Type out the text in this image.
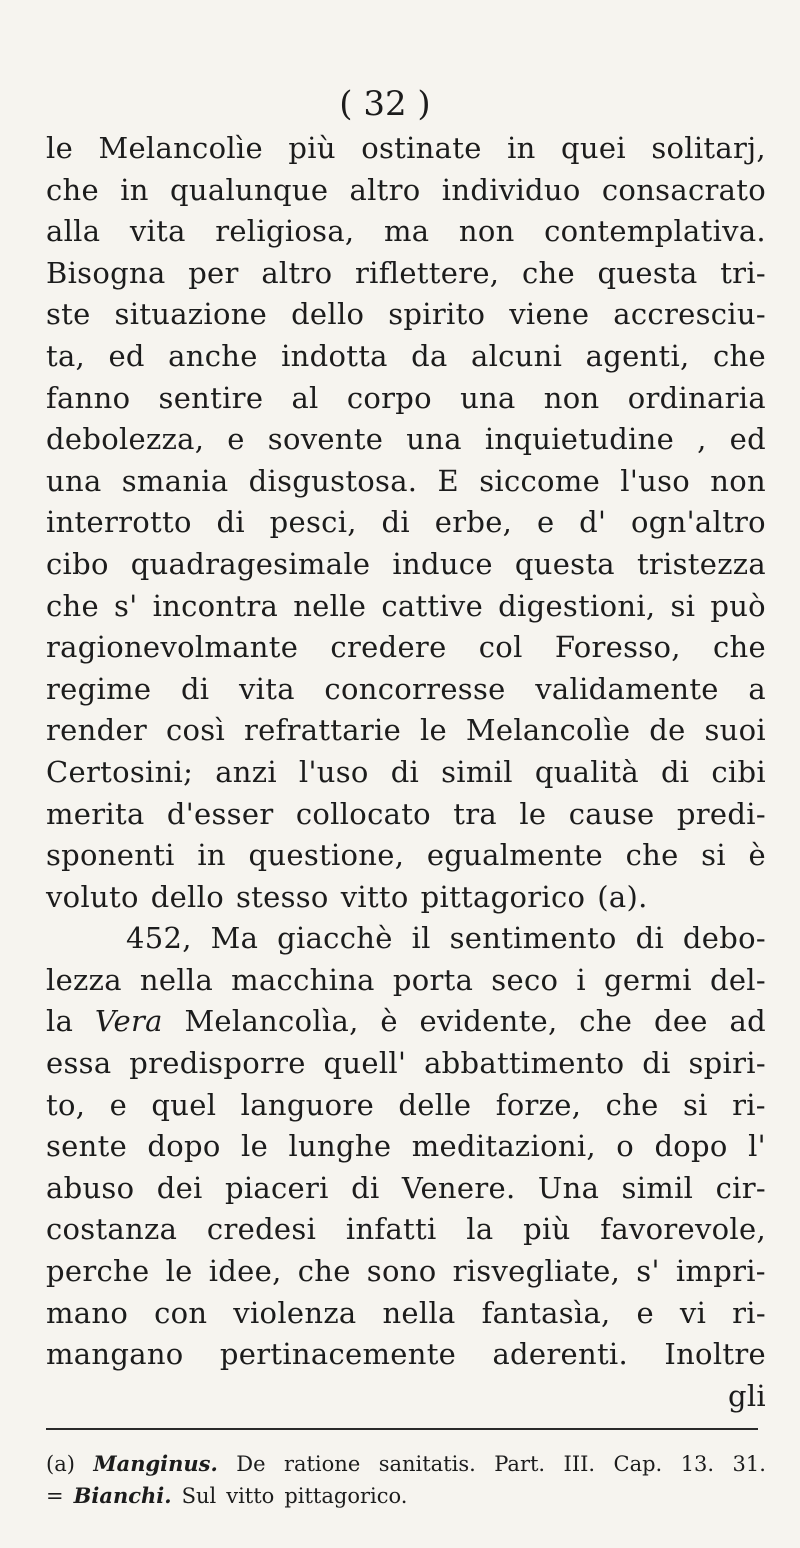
( 32 )
le Melancolìe più ostinate in quei solitarj,
che in qualunque altro individuo consacrato
alla vita religiosa, ma non contemplativa.
Bisogna per altro riflettere, che questa tri-
ste situazione dello spirito viene accresciu-
ta, ed anche indotta da alcuni agenti, che
fanno sentire al corpo una non ordinaria
debolezza, e sovente una inquietudine , ed
una smania disgustosa. E siccome l'uso non
interrotto di pesci, di erbe, e d' ogn'altro
cibo quadragesimale induce questa tristezza
che s' incontra nelle cattive digestioni, si può
ragionevolmante credere col Foresso, che
regime di vita concorresse validamente a
render così refrattarie le Melancolìe de suoi
Certosini; anzi l'uso di simil qualità di cibi
merita d'esser collocato tra le cause predi-
sponenti in questione, egualmente che si è
voluto dello stesso vitto pittagorico (a).
452, Ma giacchè il sentimento di debo-
lezza nella macchina porta seco i germi del-
la Vera Melancolìa, è evidente, che dee ad
essa predisporre quell' abbattimento di spiri-
to, e quel languore delle forze, che si ri-
sente dopo le lunghe meditazioni, o dopo l'
abuso dei piaceri di Venere. Una simil cir-
costanza credesi infatti la più favorevole,
perche le idee, che sono risvegliate, s' impri-
mano con violenza nella fantasìa, e vi ri-
mangano pertinacemente aderenti. Inoltre
gli
(a) Manginus. De ratione sanitatis. Part. III. Cap. 13. 31.
= Bianchi. Sul vitto pittagorico.
